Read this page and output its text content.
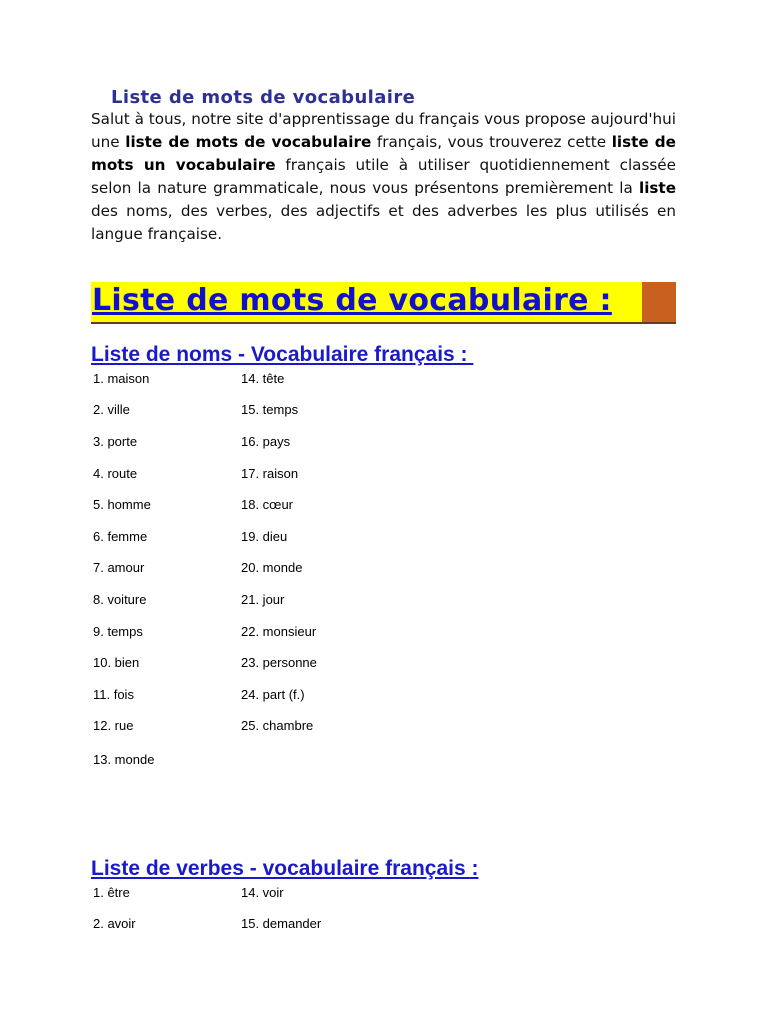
Liste de mots de vocabulaire

Salut à tous, notre site d'apprentissage du français vous propose aujourd'hui une liste de mots de vocabulaire français, vous trouverez cette liste de mots un vocabulaire français utile à utiliser quotidiennement classée selon la nature grammaticale, nous vous présentons premièrement la liste des noms, des verbes, des adjectifs et des adverbes les plus utilisés en langue française.

Liste de mots de vocabulaire :
Liste de noms - Vocabulaire français :
1. maison
2. ville
3. porte
4. route
5. homme
6. femme
7. amour
8. voiture
9. temps
10. bien
11. fois
12. rue
13. monde
14. tête
15. temps
16. pays
17. raison
18. cœur
19. dieu
20. monde
21. jour
22. monsieur
23. personne
24. part (f.)
25. chambre
Liste de verbes - vocabulaire français :
1. être
2. avoir
14. voir
15. demander
